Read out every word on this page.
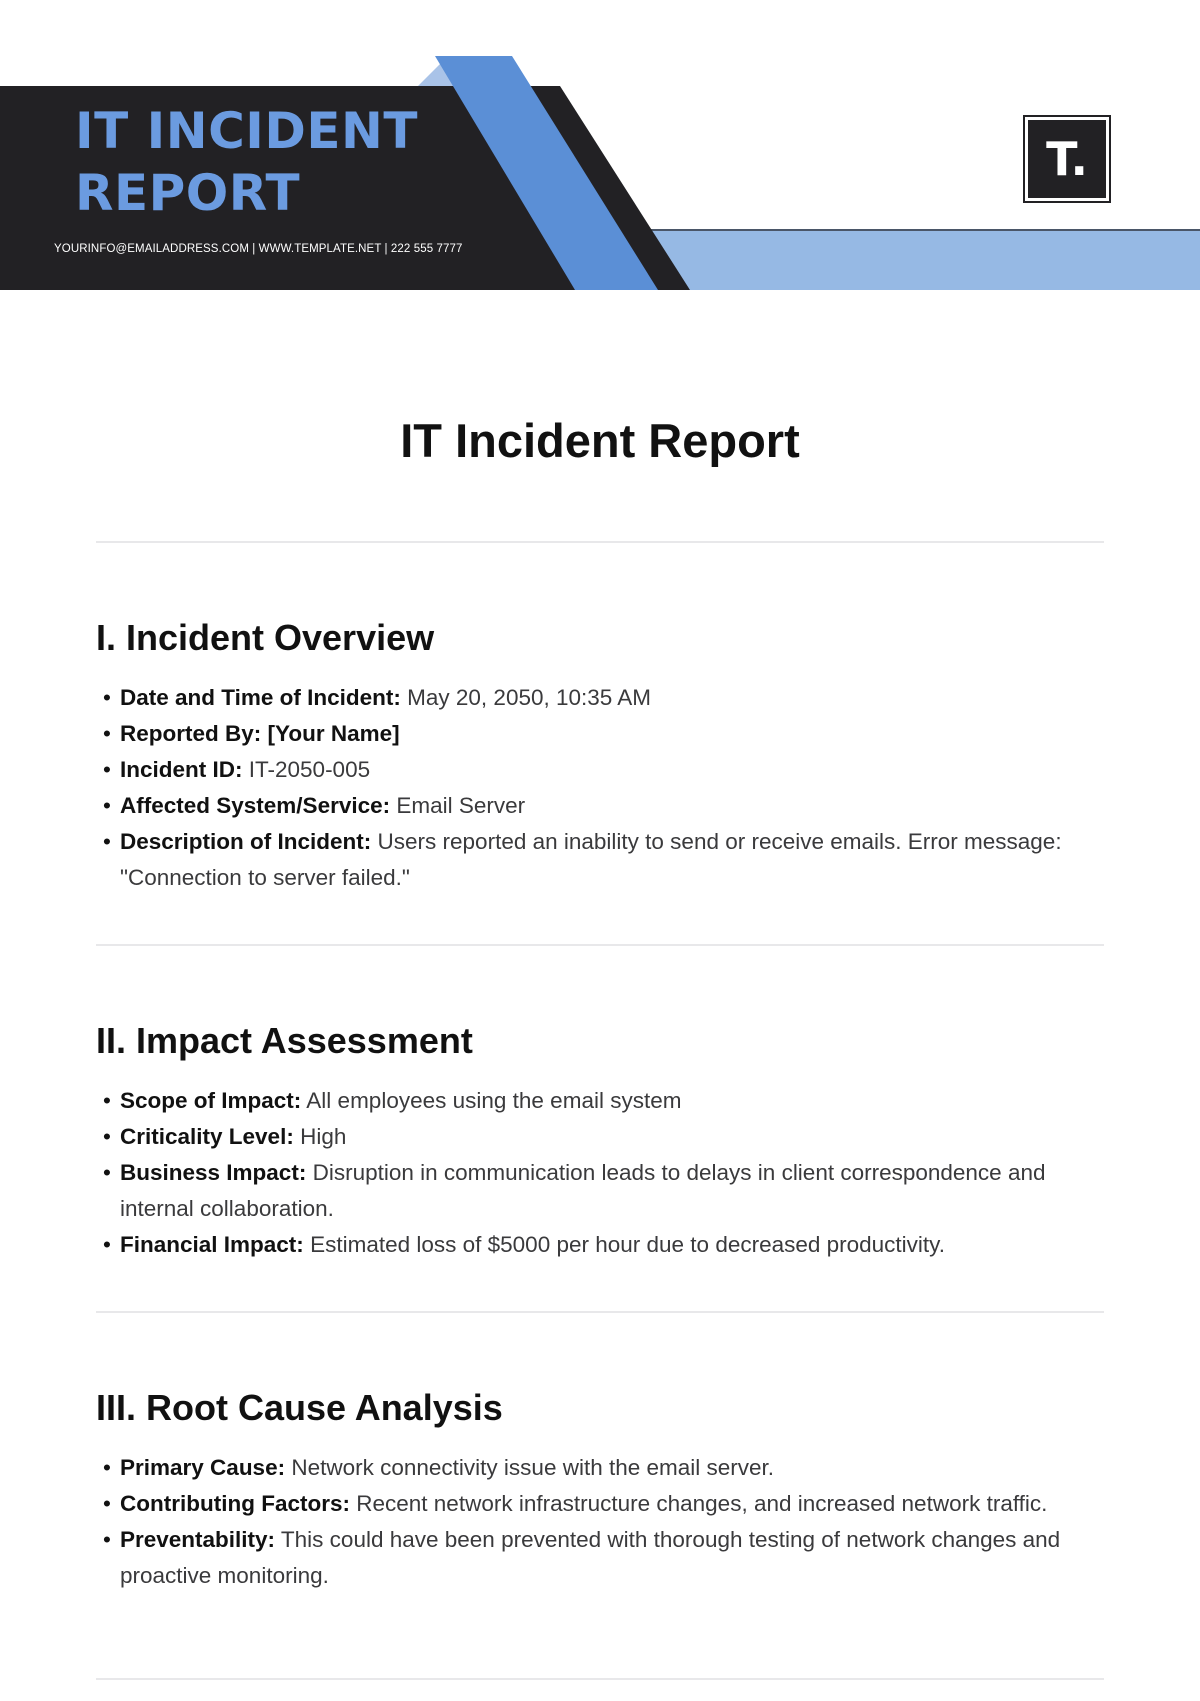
IT INCIDENT
REPORT
YOURINFO@EMAILADDRESS.COM | WWW.TEMPLATE.NET | 222 555 7777
T.
IT Incident Report
I. Incident Overview
• Date and Time of Incident: May 20, 2050, 10:35 AM
• Reported By: [Your Name]
• Incident ID: IT-2050-005
• Affected System/Service: Email Server
• Description of Incident: Users reported an inability to send or receive emails. Error message: "Connection to server failed."
II. Impact Assessment
• Scope of Impact: All employees using the email system
• Criticality Level: High
• Business Impact: Disruption in communication leads to delays in client correspondence and internal collaboration.
• Financial Impact: Estimated loss of $5000 per hour due to decreased productivity.
III. Root Cause Analysis
• Primary Cause: Network connectivity issue with the email server.
• Contributing Factors: Recent network infrastructure changes, and increased network traffic.
• Preventability: This could have been prevented with thorough testing of network changes and proactive monitoring.
